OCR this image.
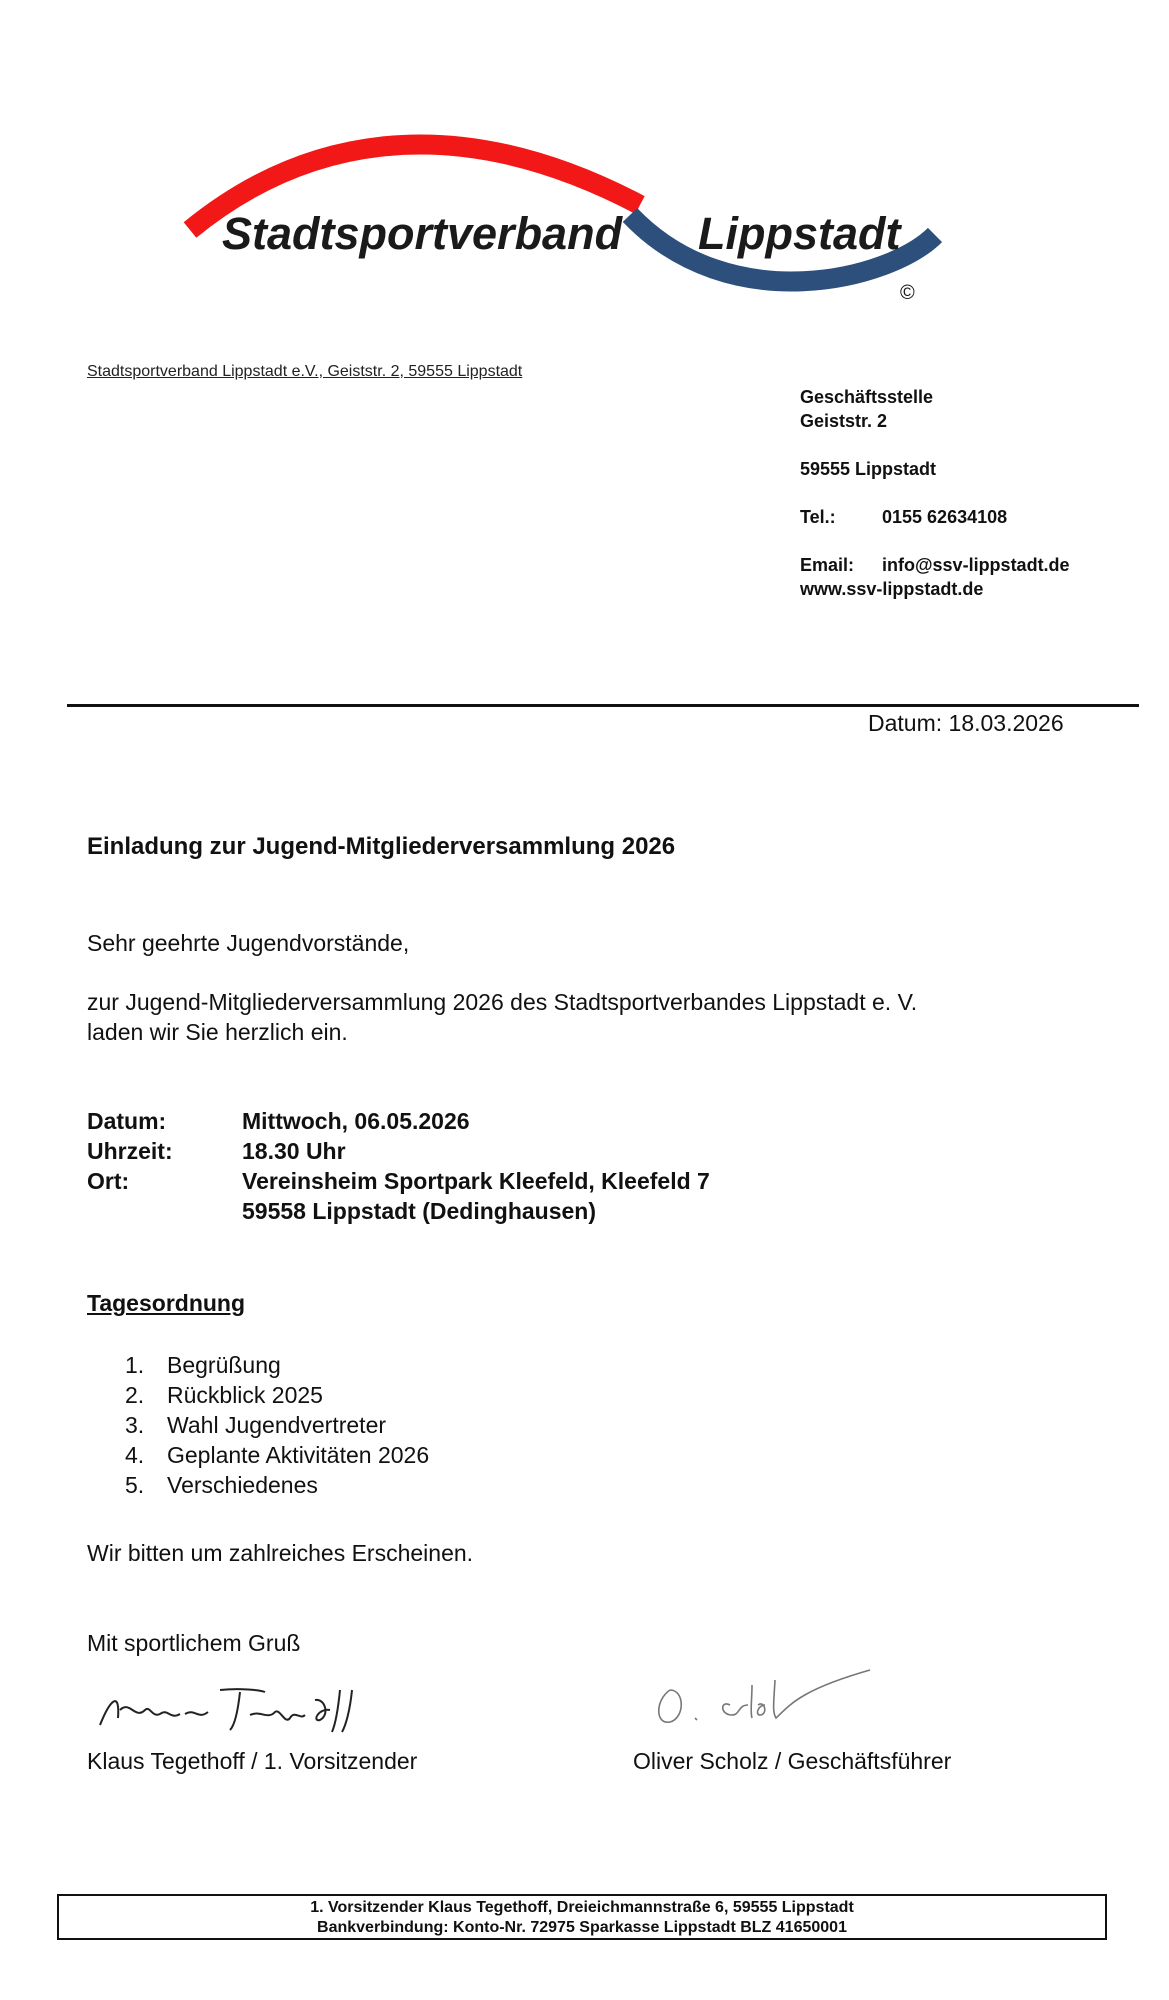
Stadtsportverband Lippstadt
©
Stadtsportverband Lippstadt e.V., Geiststr. 2, 59555 Lippstadt
Geschäftsstelle
Geiststr. 2
59555 Lippstadt
Tel.:	0155 62634108
Email: info@ssv-lippstadt.de
www.ssv-lippstadt.de
Datum: 18.03.2026
Einladung zur Jugend-Mitgliederversammlung 2026
Sehr geehrte Jugendvorstände,
zur Jugend-Mitgliederversammlung 2026 des Stadtsportverbandes Lippstadt e. V.
laden wir Sie herzlich ein.
Datum:	Mittwoch, 06.05.2026
Uhrzeit:	18.30 Uhr
Ort:	Vereinsheim Sportpark Kleefeld, Kleefeld 7
59558 Lippstadt (Dedinghausen)
Tagesordnung
1. Begrüßung
2. Rückblick 2025
3. Wahl Jugendvertreter
4. Geplante Aktivitäten 2026
5. Verschiedenes
Wir bitten um zahlreiches Erscheinen.
Mit sportlichem Gruß
Klaus Tegethoff / 1. Vorsitzender	Oliver Scholz / Geschäftsführer
1. Vorsitzender Klaus Tegethoff, Dreieichmannstraße 6, 59555 Lippstadt
Bankverbindung: Konto-Nr. 72975 Sparkasse Lippstadt BLZ 41650001
